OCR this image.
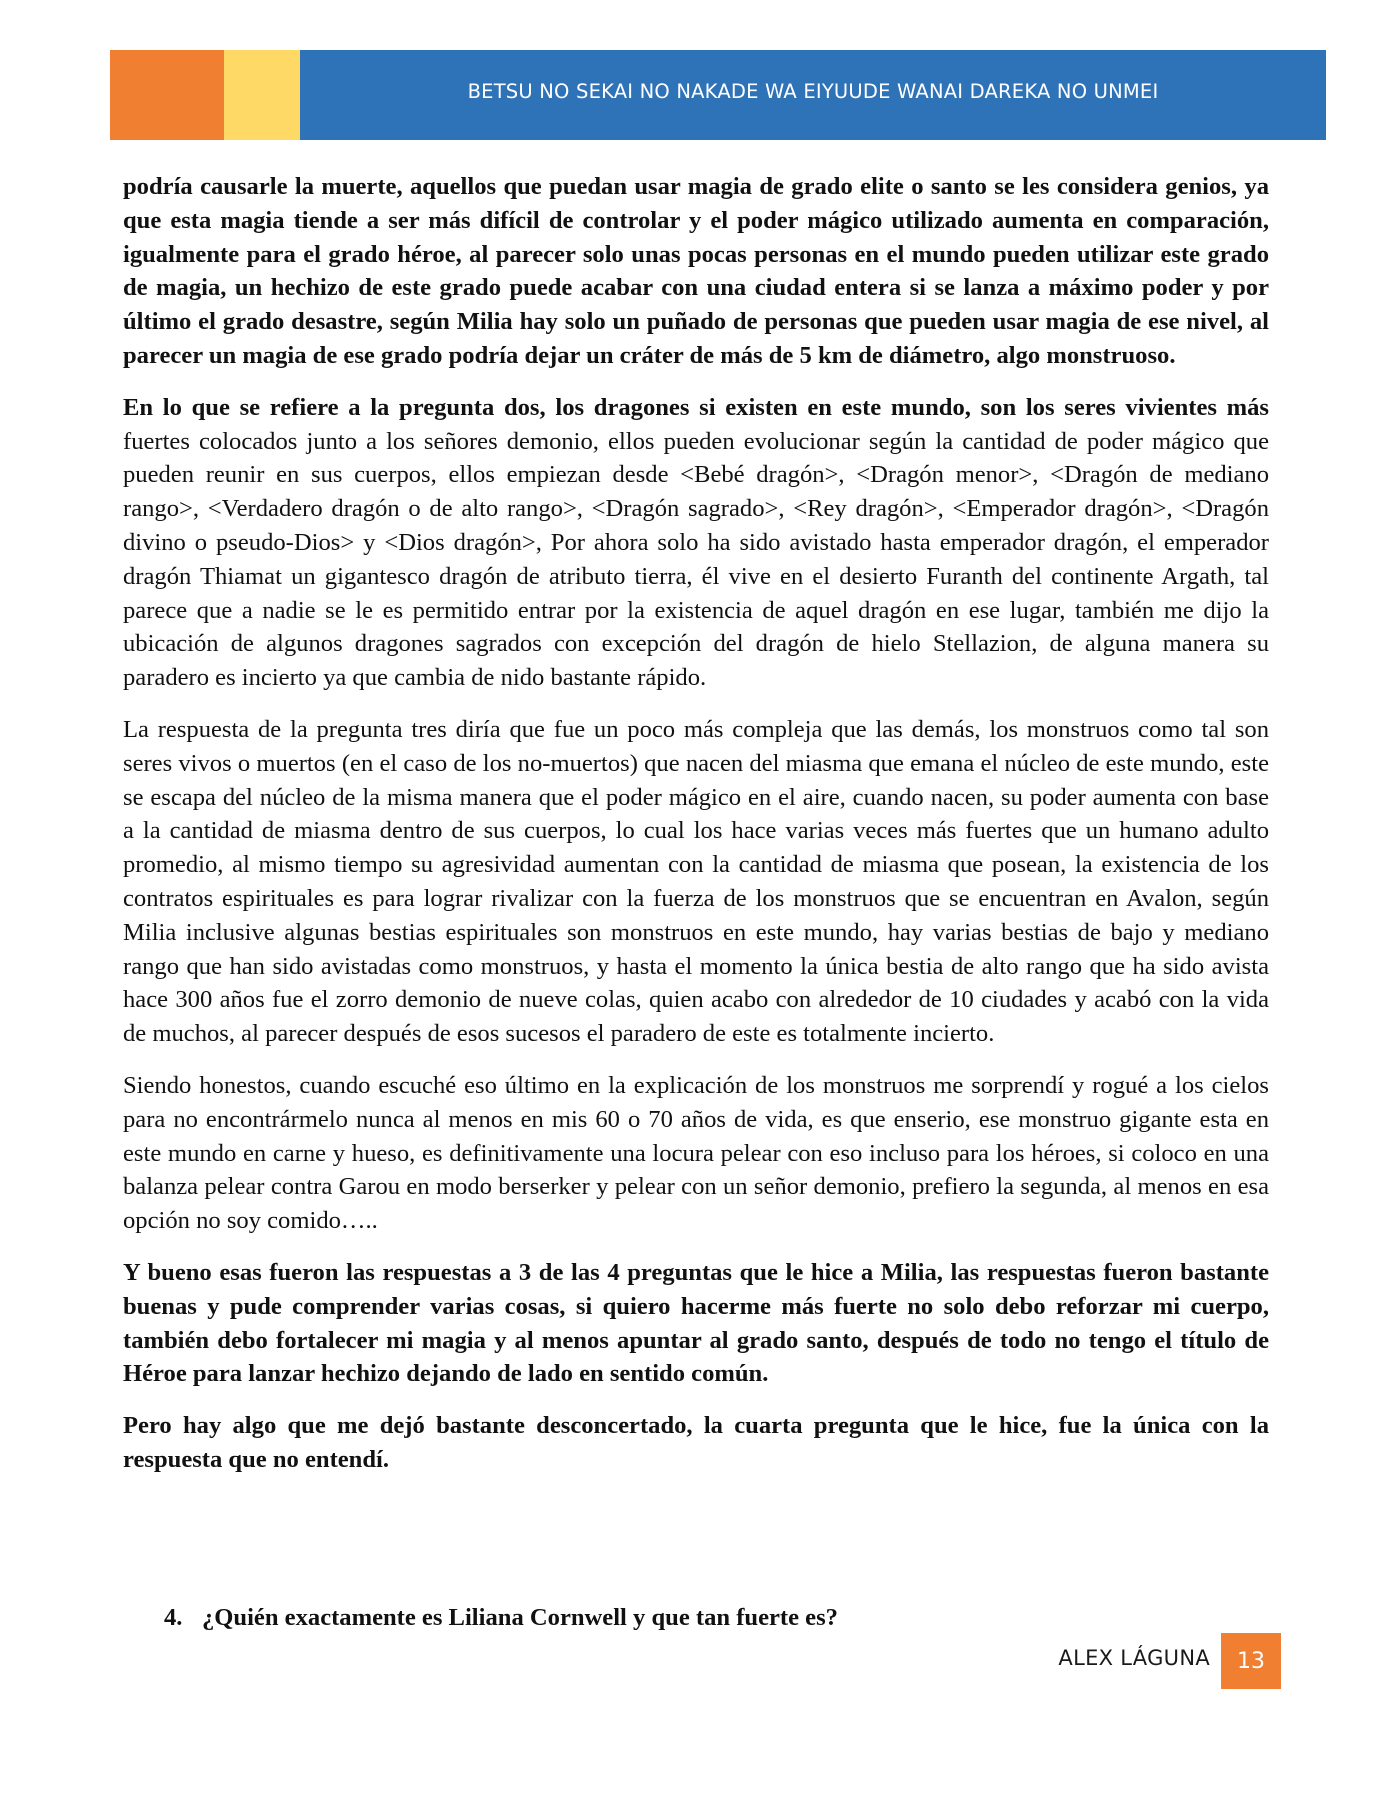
BETSU NO SEKAI NO NAKADE WA EIYUUDE WANAI DAREKA NO UNMEI

podría causarle la muerte, aquellos que puedan usar magia de grado elite o santo se les considera genios, ya que esta magia tiende a ser más difícil de controlar y el poder mágico utilizado aumenta en comparación, igualmente para el grado héroe, al parecer solo unas pocas personas en el mundo pueden utilizar este grado de magia, un hechizo de este grado puede acabar con una ciudad entera si se lanza a máximo poder y por último el grado desastre, según Milia hay solo un puñado de personas que pueden usar magia de ese nivel, al parecer un magia de ese grado podría dejar un cráter de más de 5 km de diámetro, algo monstruoso.

En lo que se refiere a la pregunta dos, los dragones si existen en este mundo, son los seres vivientes más fuertes colocados junto a los señores demonio, ellos pueden evolucionar según la cantidad de poder mágico que pueden reunir en sus cuerpos, ellos empiezan desde <Bebé dragón>, <Dragón menor>, <Dragón de mediano rango>, <Verdadero dragón o de alto rango>, <Dragón sagrado>, <Rey dragón>, <Emperador dragón>, <Dragón divino o pseudo-Dios> y <Dios dragón>, Por ahora solo ha sido avistado hasta emperador dragón, el emperador dragón Thiamat un gigantesco dragón de atributo tierra, él vive en el desierto Furanth del continente Argath, tal parece que a nadie se le es permitido entrar por la existencia de aquel dragón en ese lugar, también me dijo la ubicación de algunos dragones sagrados con excepción del dragón de hielo Stellazion, de alguna manera su paradero es incierto ya que cambia de nido bastante rápido.

La respuesta de la pregunta tres diría que fue un poco más compleja que las demás, los monstruos como tal son seres vivos o muertos (en el caso de los no-muertos) que nacen del miasma que emana el núcleo de este mundo, este se escapa del núcleo de la misma manera que el poder mágico en el aire, cuando nacen, su poder aumenta con base a la cantidad de miasma dentro de sus cuerpos, lo cual los hace varias veces más fuertes que un humano adulto promedio, al mismo tiempo su agresividad aumentan con la cantidad de miasma que posean, la existencia de los contratos espirituales es para lograr rivalizar con la fuerza de los monstruos que se encuentran en Avalon, según Milia inclusive algunas bestias espirituales son monstruos en este mundo, hay varias bestias de bajo y mediano rango que han sido avistadas como monstruos, y hasta el momento la única bestia de alto rango que ha sido avista hace 300 años fue el zorro demonio de nueve colas, quien acabo con alrededor de 10 ciudades y acabó con la vida de muchos, al parecer después de esos sucesos el paradero de este es totalmente incierto.

Siendo honestos, cuando escuché eso último en la explicación de los monstruos me sorprendí y rogué a los cielos para no encontrármelo nunca al menos en mis 60 o 70 años de vida, es que enserio, ese monstruo gigante esta en este mundo en carne y hueso, es definitivamente una locura pelear con eso incluso para los héroes, si coloco en una balanza pelear contra Garou en modo berserker y pelear con un señor demonio, prefiero la segunda, al menos en esa opción no soy comido…..

Y bueno esas fueron las respuestas a 3 de las 4 preguntas que le hice a Milia, las respuestas fueron bastante buenas y pude comprender varias cosas, si quiero hacerme más fuerte no solo debo reforzar mi cuerpo, también debo fortalecer mi magia y al menos apuntar al grado santo, después de todo no tengo el título de Héroe para lanzar hechizo dejando de lado en sentido común.

Pero hay algo que me dejó bastante desconcertado, la cuarta pregunta que le hice, fue la única con la respuesta que no entendí.

4. ¿Quién exactamente es Liliana Cornwell y que tan fuerte es?
ALEX LÁGUNA	13
